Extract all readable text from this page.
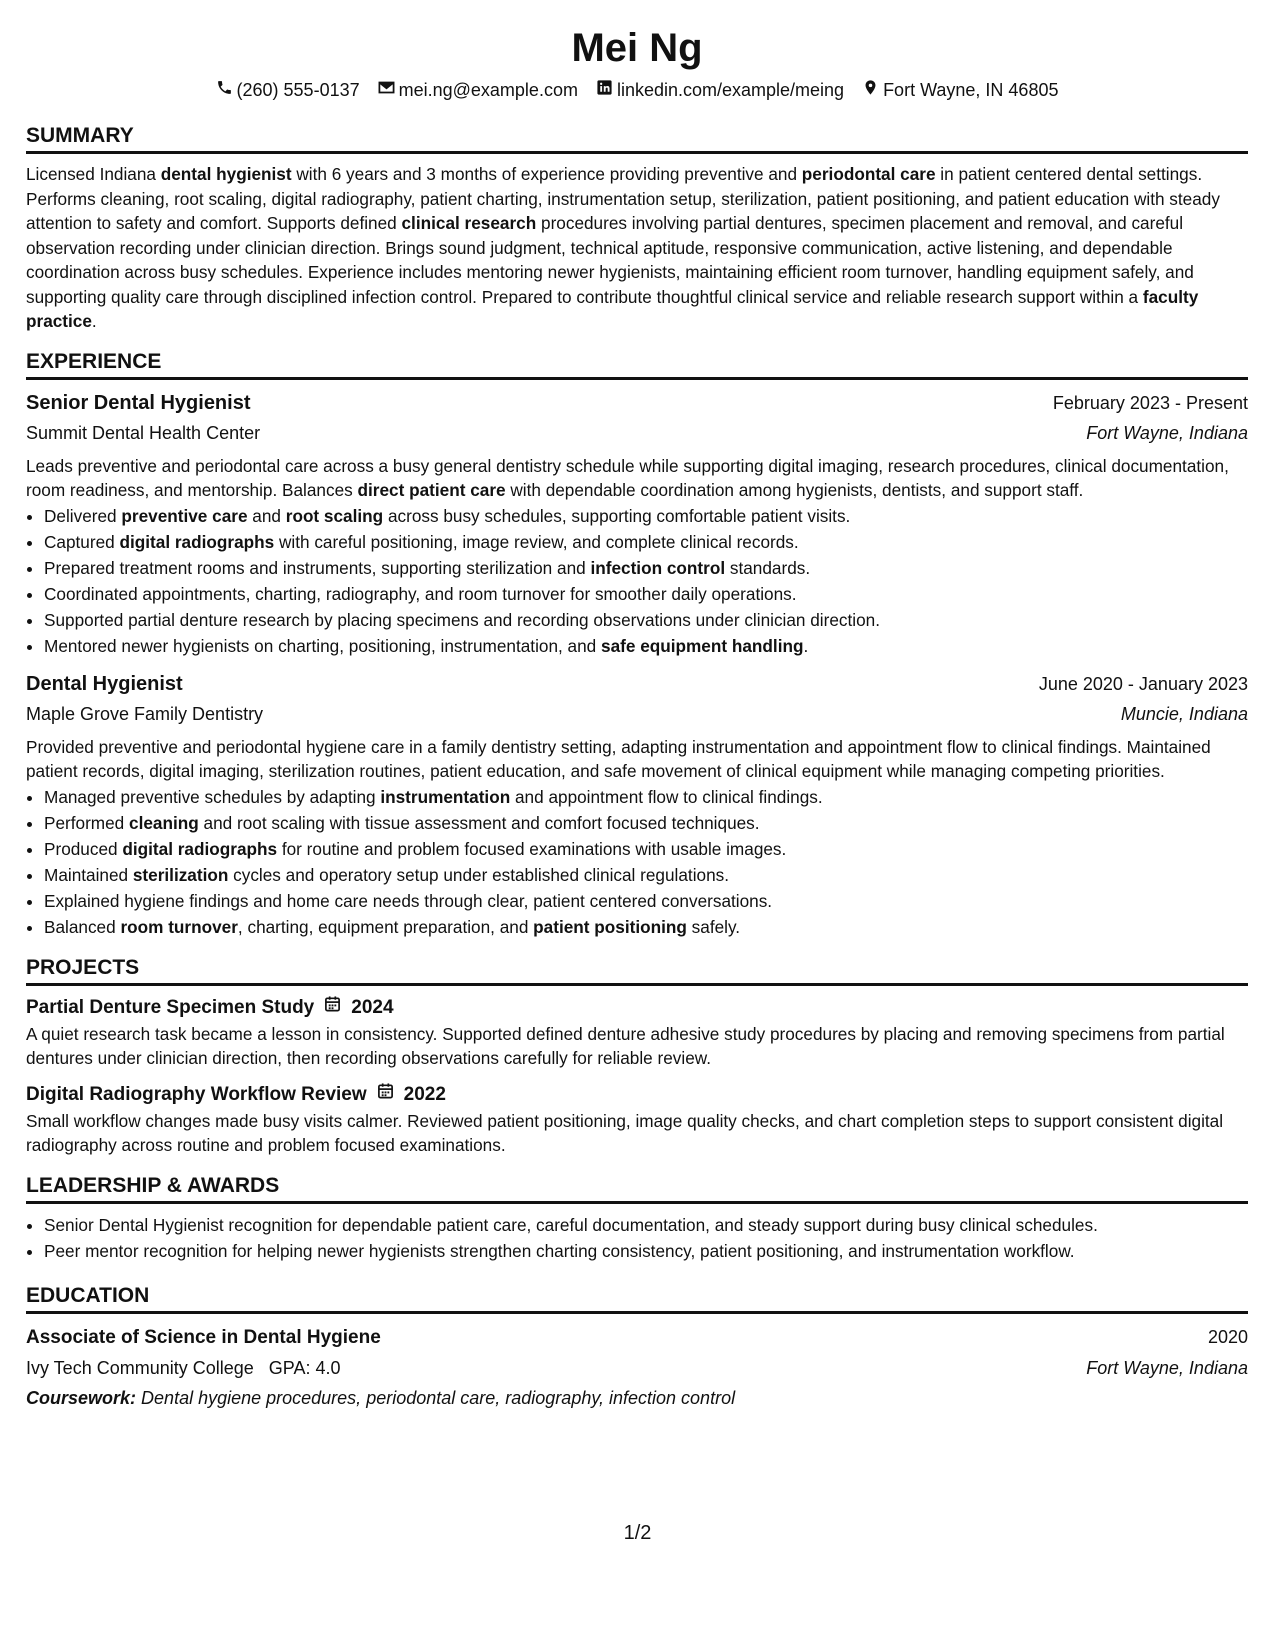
Mei Ng
(260) 555-0137 mei.ng@example.com linkedin.com/example/meing Fort Wayne, IN 46805
SUMMARY

Licensed Indiana dental hygienist with 6 years and 3 months of experience providing preventive and periodontal care in patient centered dental settings. Performs cleaning, root scaling, digital radiography, patient charting, instrumentation setup, sterilization, patient positioning, and patient education with steady attention to safety and comfort. Supports defined clinical research procedures involving partial dentures, specimen placement and removal, and careful observation recording under clinician direction. Brings sound judgment, technical aptitude, responsive communication, active listening, and dependable coordination across busy schedules. Experience includes mentoring newer hygienists, maintaining efficient room turnover, handling equipment safely, and supporting quality care through disciplined infection control. Prepared to contribute thoughtful clinical service and reliable research support within a faculty practice.

EXPERIENCE
Senior Dental Hygienist	February 2023 - Present
Summit Dental Health Center	Fort Wayne, Indiana

Leads preventive and periodontal care across a busy general dentistry schedule while supporting digital imaging, research procedures, clinical documentation, room readiness, and mentorship. Balances direct patient care with dependable coordination among hygienists, dentists, and support staff.

• Delivered preventive care and root scaling across busy schedules, supporting comfortable patient visits.
• Captured digital radiographs with careful positioning, image review, and complete clinical records.
• Prepared treatment rooms and instruments, supporting sterilization and infection control standards.
• Coordinated appointments, charting, radiography, and room turnover for smoother daily operations.
• Supported partial denture research by placing specimens and recording observations under clinician direction.
• Mentored newer hygienists on charting, positioning, instrumentation, and safe equipment handling.
Dental Hygienist	June 2020 - January 2023
Maple Grove Family Dentistry	Muncie, Indiana

Provided preventive and periodontal hygiene care in a family dentistry setting, adapting instrumentation and appointment flow to clinical findings. Maintained patient records, digital imaging, sterilization routines, patient education, and safe movement of clinical equipment while managing competing priorities.

• Managed preventive schedules by adapting instrumentation and appointment flow to clinical findings.
• Performed cleaning and root scaling with tissue assessment and comfort focused techniques.
• Produced digital radiographs for routine and problem focused examinations with usable images.
• Maintained sterilization cycles and operatory setup under established clinical regulations.
• Explained hygiene findings and home care needs through clear, patient centered conversations.
• Balanced room turnover, charting, equipment preparation, and patient positioning safely.
PROJECTS
Partial Denture Specimen Study 2024

A quiet research task became a lesson in consistency. Supported defined denture adhesive study procedures by placing and removing specimens from partial dentures under clinician direction, then recording observations carefully for reliable review.

Digital Radiography Workflow Review 2022

Small workflow changes made busy visits calmer. Reviewed patient positioning, image quality checks, and chart completion steps to support consistent digital radiography across routine and problem focused examinations.

LEADERSHIP & AWARDS
• Senior Dental Hygienist recognition for dependable patient care, careful documentation, and steady support during busy clinical schedules.
• Peer mentor recognition for helping newer hygienists strengthen charting consistency, patient positioning, and instrumentation workflow.
EDUCATION
Associate of Science in Dental Hygiene	2020
Ivy Tech Community College GPA: 4.0	Fort Wayne, Indiana
Coursework: Dental hygiene procedures, periodontal care, radiography, infection control
1/2
